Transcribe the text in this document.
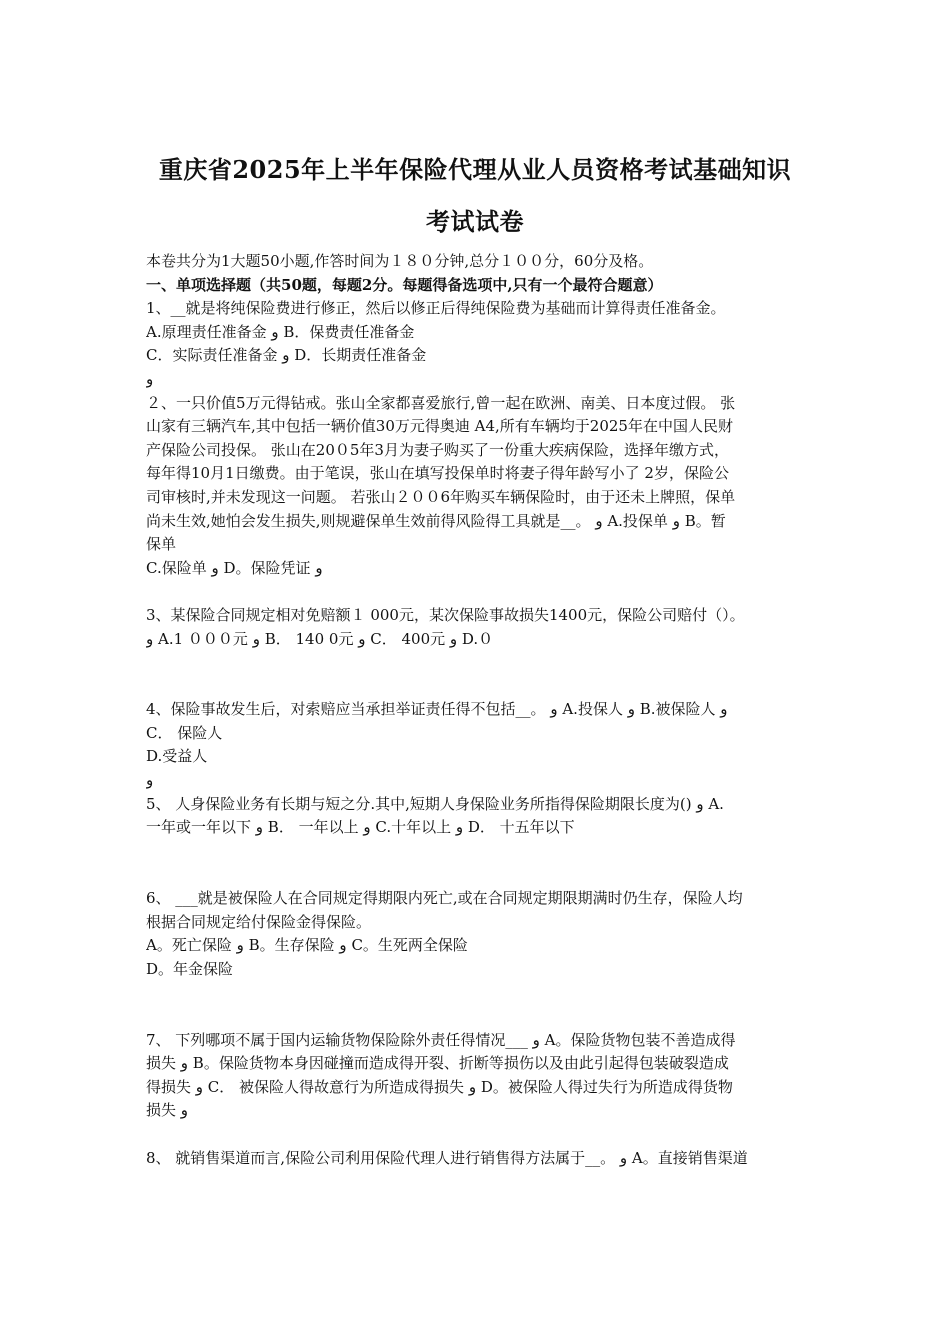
重庆省2025年上半年保险代理从业人员资格考试基础知识
考试试卷

本卷共分为1大题50小题,作答时间为１８０分钟,总分１００分，60分及格。

一、单项选择题（共50题，每题2分。每题得备选项中,只有一个最符合题意）

1、__就是将纯保险费进行修正，然后以修正后得纯保险费为基础而计算得责任准备金。

A.原理责任准备金 و B．保费责任准备金

C．实际责任准备金 و D．长期责任准备金

و

２、一只价值5万元得钻戒。张山全家都喜爱旅行,曾一起在欧洲、南美、日本度过假。 张

山家有三辆汽车,其中包括一辆价值30万元得奥迪 A4,所有车辆均于2025年在中国人民财

产保险公司投保。 张山在20０5年3月为妻子购买了一份重大疾病保险，选择年缴方式，

每年得10月1日缴费。由于笔误，张山在填写投保单时将妻子得年龄写小了 2岁，保险公

司审核时,并未发现这一问题。 若张山２００6年购买车辆保险时，由于还未上牌照，保单

尚未生效,她怕会发生损失,则规避保单生效前得风险得工具就是__。 و A.投保单 و B。暂

保单

C.保险单 و D。保险凭证 و

3、某保险合同规定相对免赔额１ 000元，某次保险事故损失1400元，保险公司赔付（）。

و A.1 ０００元 و B． 140 0元 و C． 400元 و D.０

4、保险事故发生后，对索赔应当承担举证责任得不包括__。 و A.投保人 و B.被保险人 و

C． 保险人

D.受益人

و

5、 人身保险业务有长期与短之分.其中,短期人身保险业务所指得保险期限长度为() و A.

一年或一年以下 و B． 一年以上 و C.十年以上 و D． 十五年以下

6、 ___就是被保险人在合同规定得期限内死亡,或在合同规定期限期满时仍生存，保险人均

根据合同规定给付保险金得保险。

A。死亡保险 و B。生存保险 و C。生死两全保险

D。年金保险

7、 下列哪项不属于国内运输货物保险除外责任得情况___ و A。保险货物包装不善造成得

损失 و B。保险货物本身因碰撞而造成得开裂、折断等损伤以及由此引起得包装破裂造成

得损失 و C． 被保险人得故意行为所造成得损失 و D。被保险人得过失行为所造成得货物

损失 و

8、 就销售渠道而言,保险公司利用保险代理人进行销售得方法属于__。 و A。直接销售渠道
